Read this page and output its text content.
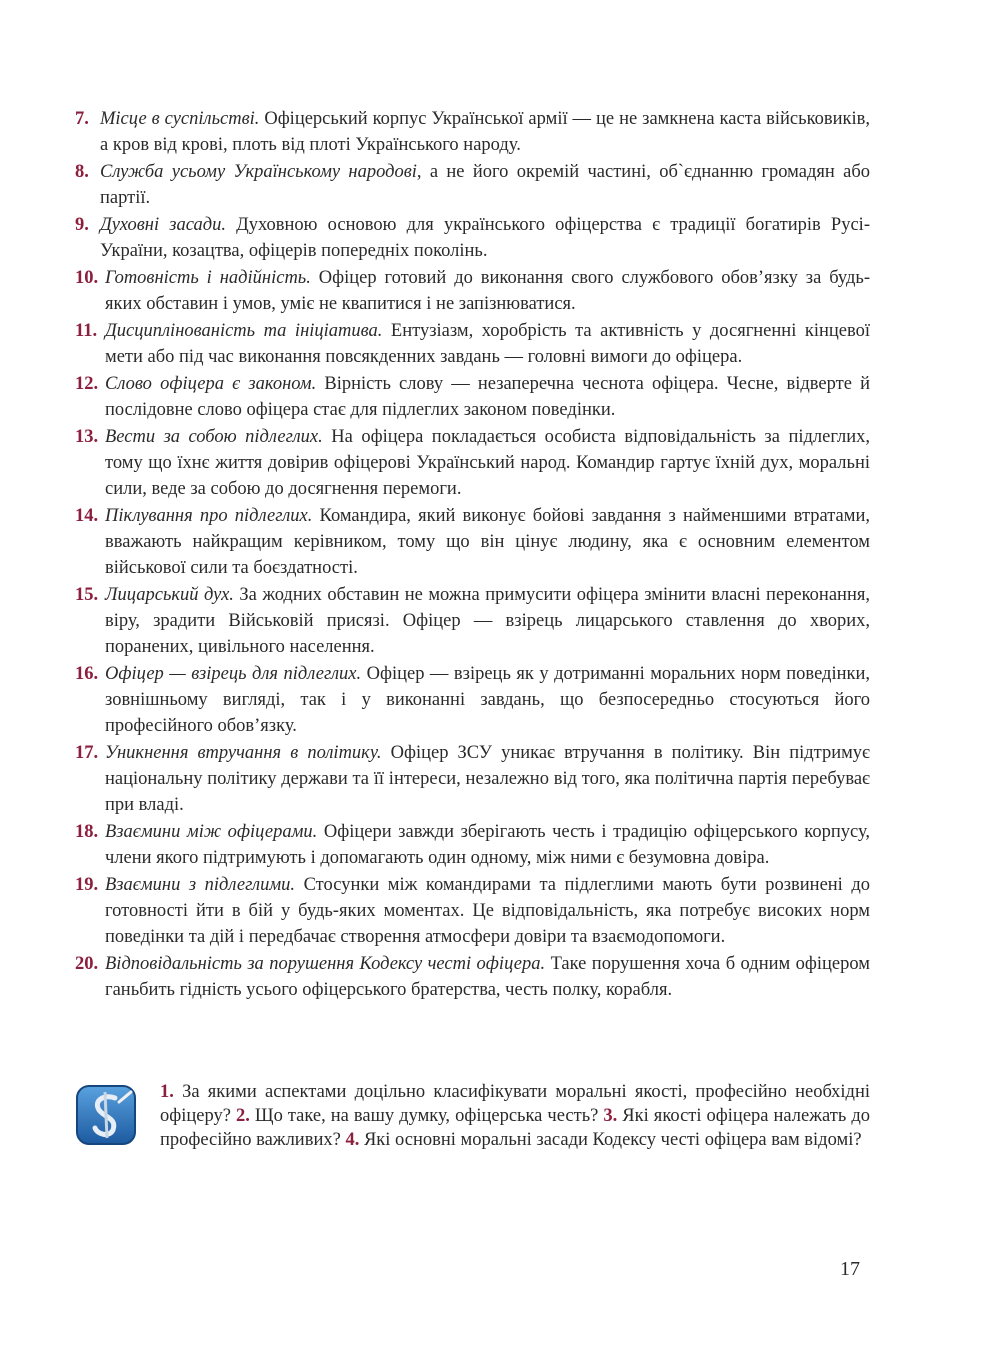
7. Місце в суспільстві. Офіцерський корпус Української армії — це не замкнена каста військовиків, а кров від крові, плоть від плоті Українського народу.
8. Служба усьому Українському народові, а не його окремій частині, об`єднанню громадян або партії.
9. Духовні засади. Духовною основою для українського офіцерства є традиції богатирів Русі-України, козацтва, офіцерів попередніх поколінь.
10. Готовність і надійність. Офіцер готовий до виконання свого службового обов’язку за будь-яких обставин і умов, уміє не квапитися і не запізнюватися.
11. Дисциплінованість та ініціатива. Ентузіазм, хоробрість та активність у досягненні кінцевої мети або під час виконання повсякденних завдань — головні вимоги до офіцера.
12. Слово офіцера є законом. Вірність слову — незаперечна чеснота офіцера. Чесне, відверте й послідовне слово офіцера стає для підлеглих законом поведінки.
13. Вести за собою підлеглих. На офіцера покладається особиста відповідальність за підлеглих, тому що їхнє життя довірив офіцерові Український народ. Командир гартує їхній дух, моральні сили, веде за собою до досягнення перемоги.
14. Піклування про підлеглих. Командира, який виконує бойові завдання з найменшими втратами, вважають найкращим керівником, тому що він цінує людину, яка є основним елементом військової сили та боєздатності.
15. Лицарський дух. За жодних обставин не можна примусити офіцера змінити власні переконання, віру, зрадити Військовій присязі. Офіцер — взірець лицарського ставлення до хворих, поранених, цивільного населення.
16. Офіцер — взірець для підлеглих. Офіцер — взірець як у дотриманні моральних норм поведінки, зовнішньому вигляді, так і у виконанні завдань, що безпосередньо стосуються його професійного обов’язку.
17. Уникнення втручання в політику. Офіцер ЗСУ уникає втручання в політику. Він підтримує національну політику держави та її інтереси, незалежно від того, яка політична партія перебуває при владі.
18. Взаємини між офіцерами. Офіцери завжди зберігають честь і традицію офіцерського корпусу, члени якого підтримують і допомагають один одному, між ними є безумовна довіра.
19. Взаємини з підлеглими. Стосунки між командирами та підлеглими мають бути розвинені до готовності йти в бій у будь-яких моментах. Це відповідальність, яка потребує високих норм поведінки та дій і передбачає створення атмосфери довіри та взаємодопомоги.
20. Відповідальність за порушення Кодексу честі офіцера. Таке порушення хоча б одним офіцером ганьбить гідність усього офіцерського братерства, честь полку, корабля.
1. За якими аспектами доцільно класифікувати моральні якості, професійно необхідні офіцеру? 2. Що таке, на вашу думку, офіцерська честь? 3. Які якості офіцера належать до професійно важливих? 4. Які основні моральні засади Кодексу честі офіцера вам відомі?
17
